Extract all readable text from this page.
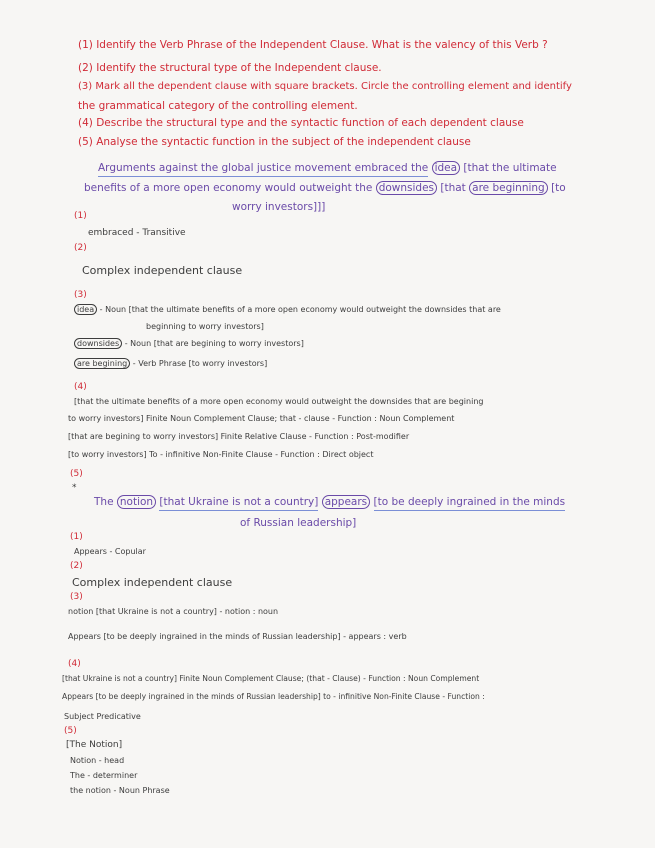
(1) Identify the Verb Phrase of the Independent Clause. What is the valency of this Verb ?
(2) Identify the structural type of the Independent clause.
(3) Mark all the dependent clause with square brackets. Circle the controlling element and identify
the grammatical category of the controlling element.
(4) Describe the structural type and the syntactic function of each dependent clause
(5) Analyse the syntactic function in the subject of the independent clause
Arguments against the global justice movement embraced the idea [that the ultimate
benefits of a more open economy would outweight the downsides [that are beginning [to
worry investors]]]
(1)
embraced - Transitive
(2)
Complex independent clause
(3)
idea - Noun [that the ultimate benefits of a more open economy would outweight the downsides that are
beginning to worry investors]
downsides - Noun [that are begining to worry investors]
are begining - Verb Phrase [to worry investors]
(4)
[that the ultimate benefits of a more open economy would outweight the downsides that are begining
to worry investors] Finite Noun Complement Clause; that - clause - Function : Noun Complement
[that are begining to worry investors] Finite Relative Clause - Function : Post-modifier
[to worry investors] To - infinitive Non-Finite Clause - Function : Direct object
(5)
*
The notion [that Ukraine is not a country] appears [to be deeply ingrained in the minds
of Russian leadership]
(1)
Appears - Copular
(2)
Complex independent clause
(3)
notion [that Ukraine is not a country] - notion : noun
Appears [to be deeply ingrained in the minds of Russian leadership] - appears : verb
(4)
[that Ukraine is not a country] Finite Noun Complement Clause; (that - Clause) - Function : Noun Complement
Appears [to be deeply ingrained in the minds of Russian leadership] to - infinitive Non-Finite Clause - Function :
Subject Predicative
(5)
[The Notion]
Notion - head
The - determiner
the notion - Noun Phrase
